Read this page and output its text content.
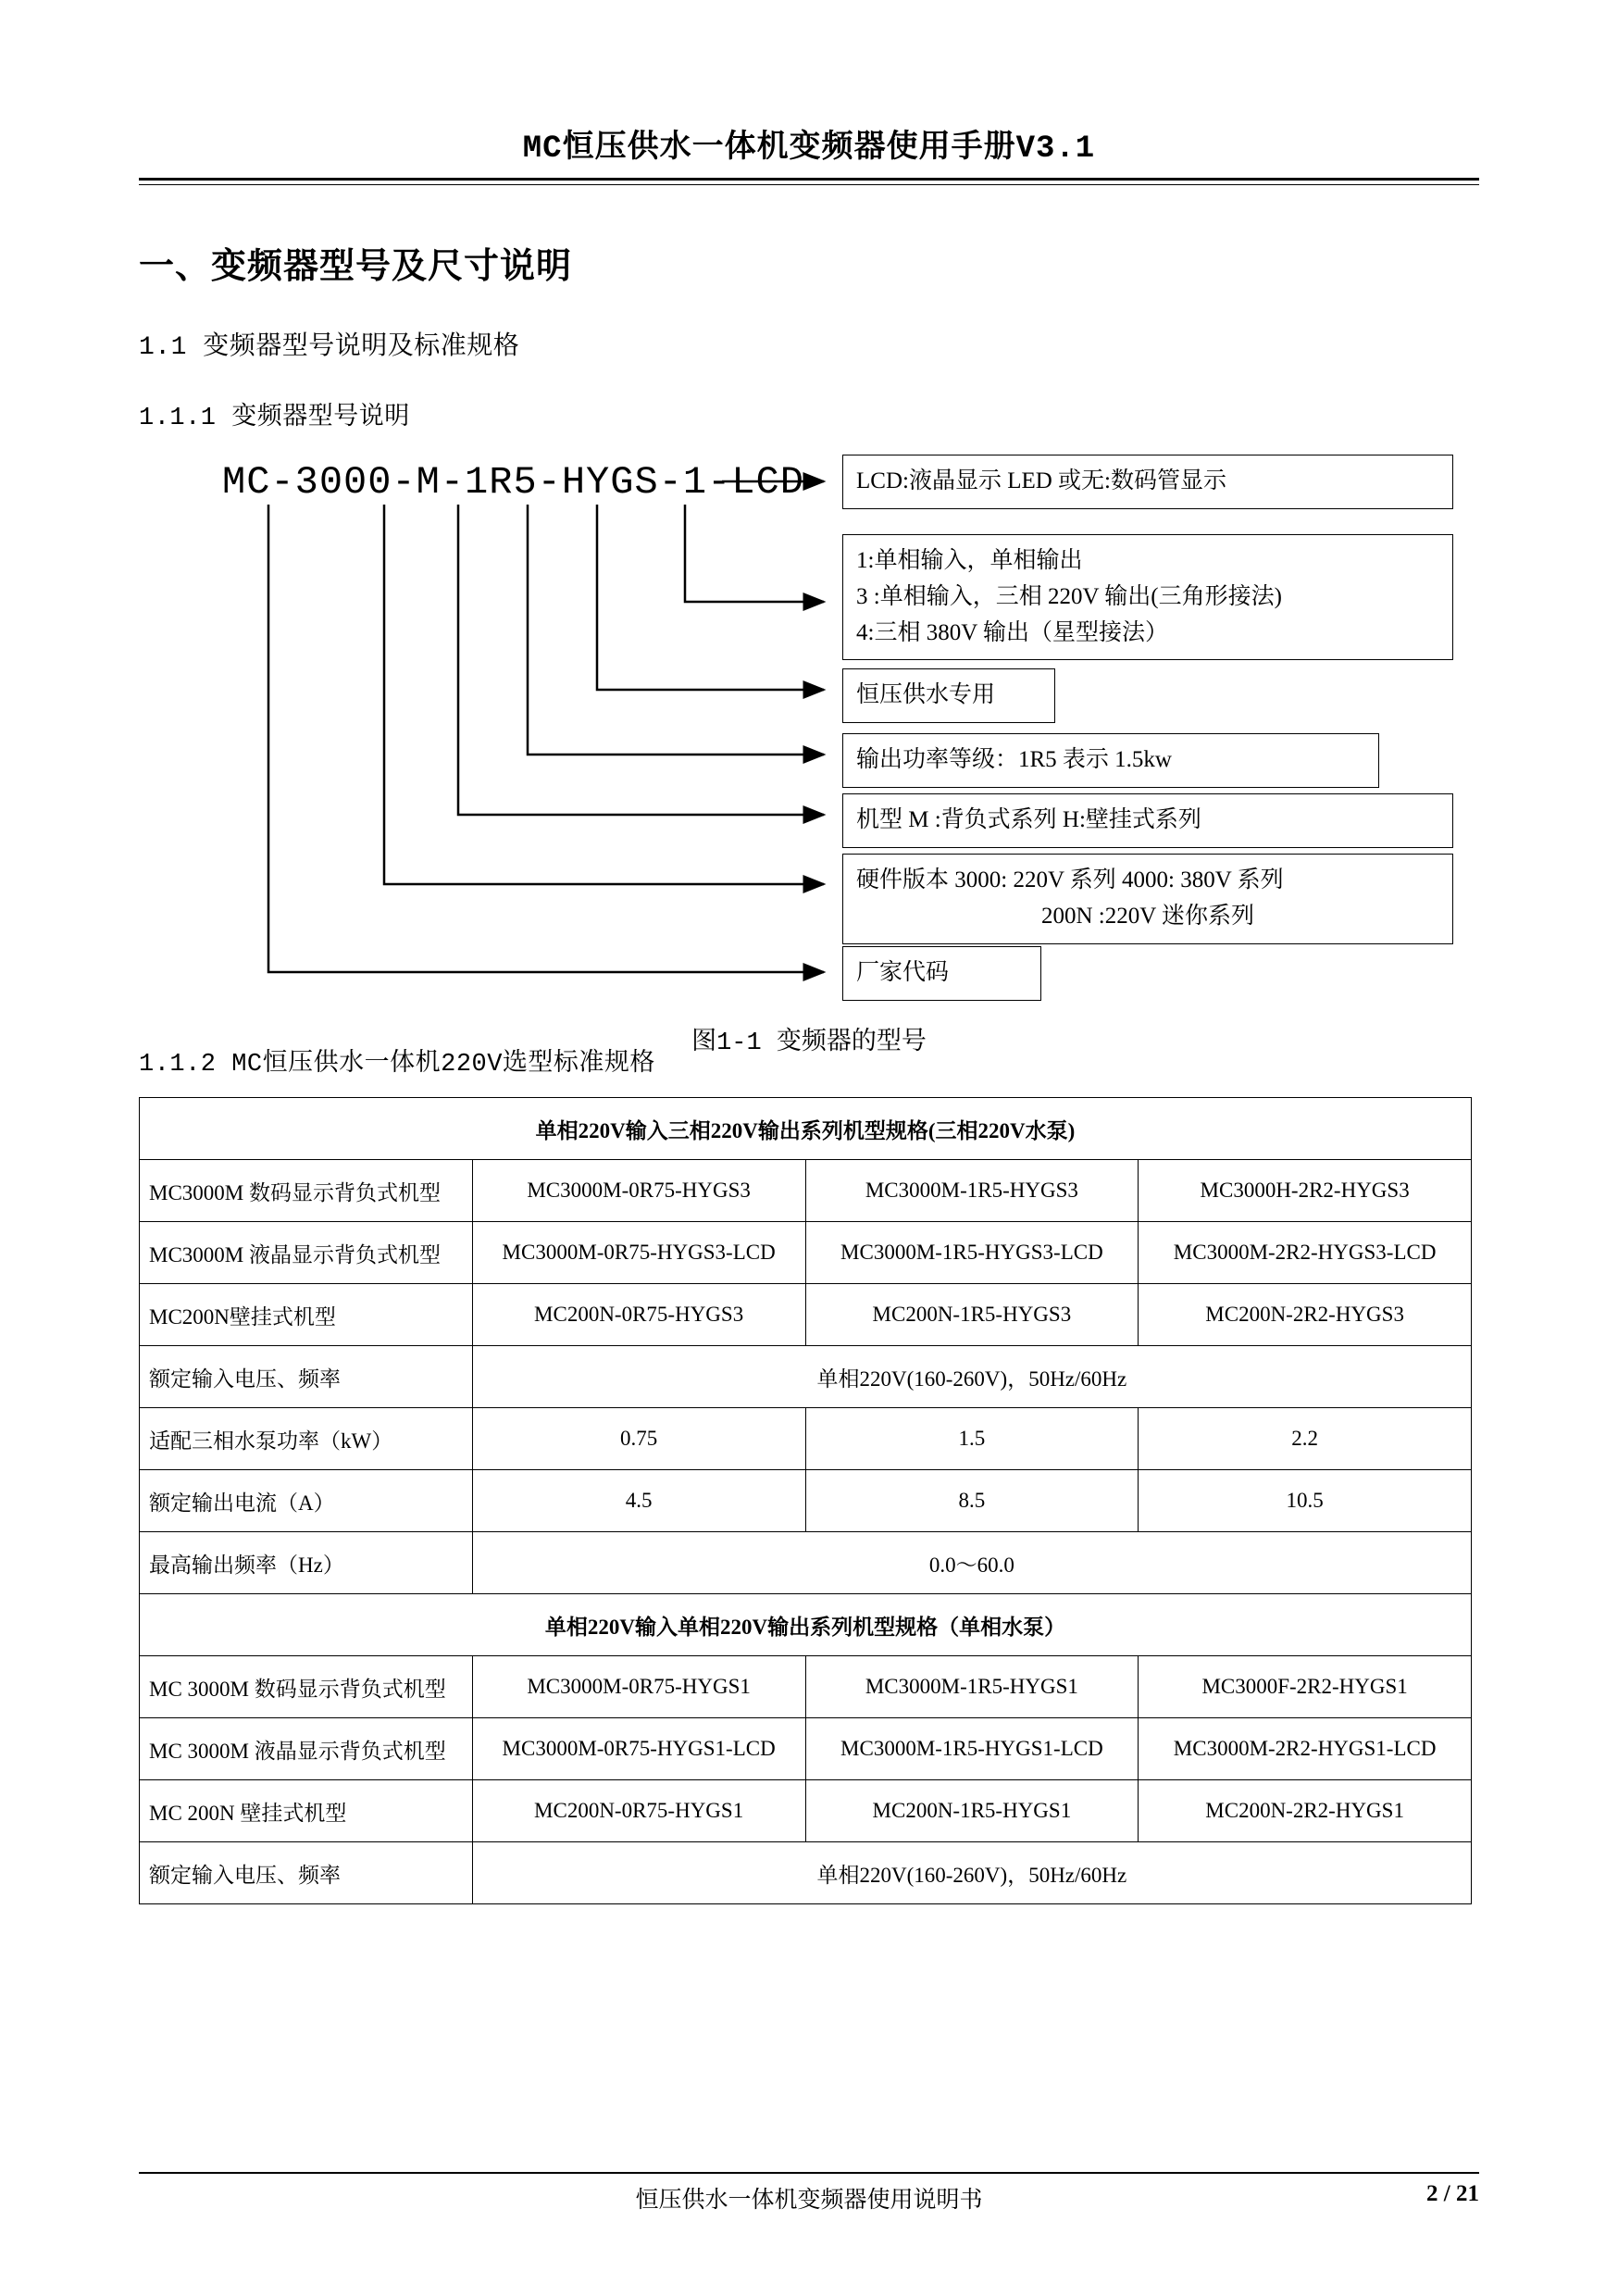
MC恒压供水一体机变频器使用手册V3.1
一、变频器型号及尺寸说明
1.1 变频器型号说明及标准规格
1.1.1 变频器型号说明
MC-3000-M-1R5-HYGS-1-LCD LCD:液晶显示 LED 或无:数码管显示
1:单相输入，单相输出
3 :单相输入，三相 220V 输出(三角形接法)
4:三相 380V 输出（星型接法）
恒压供水专用
输出功率等级：1R5 表示 1.5kw
机型 M :背负式系列 H:壁挂式系列
硬件版本 3000: 220V 系列 4000: 380V 系列
200N :220V 迷你系列
厂家代码
图1-1 变频器的型号
1.1.2 MC恒压供水一体机220V选型标准规格
单相220V输入三相220V输出系列机型规格(三相220V水泵)			
MC3000M 数码显示背负式机型	MC3000M-0R75-HYGS3	MC3000M-1R5-HYGS3	MC3000H-2R2-HYGS3
MC3000M 液晶显示背负式机型	MC3000M-0R75-HYGS3-LCD	MC3000M-1R5-HYGS3-LCD	MC3000M-2R2-HYGS3-LCD
MC200N壁挂式机型	MC200N-0R75-HYGS3	MC200N-1R5-HYGS3	MC200N-2R2-HYGS3
额定输入电压、频率	单相220V(160-260V)，50Hz/60Hz		
适配三相水泵功率（kW）	0.75	1.5	2.2
额定输出电流（A）	4.5	8.5	10.5
最高输出频率（Hz）	0.0～60.0		
单相220V输入单相220V输出系列机型规格（单相水泵）			
MC 3000M 数码显示背负式机型	MC3000M-0R75-HYGS1	MC3000M-1R5-HYGS1	MC3000F-2R2-HYGS1
MC 3000M 液晶显示背负式机型	MC3000M-0R75-HYGS1-LCD	MC3000M-1R5-HYGS1-LCD	MC3000M-2R2-HYGS1-LCD
MC 200N 壁挂式机型	MC200N-0R75-HYGS1	MC200N-1R5-HYGS1	MC200N-2R2-HYGS1
额定输入电压、频率	单相220V(160-260V)，50Hz/60Hz		
恒压供水一体机变频器使用说明书	2 / 21
